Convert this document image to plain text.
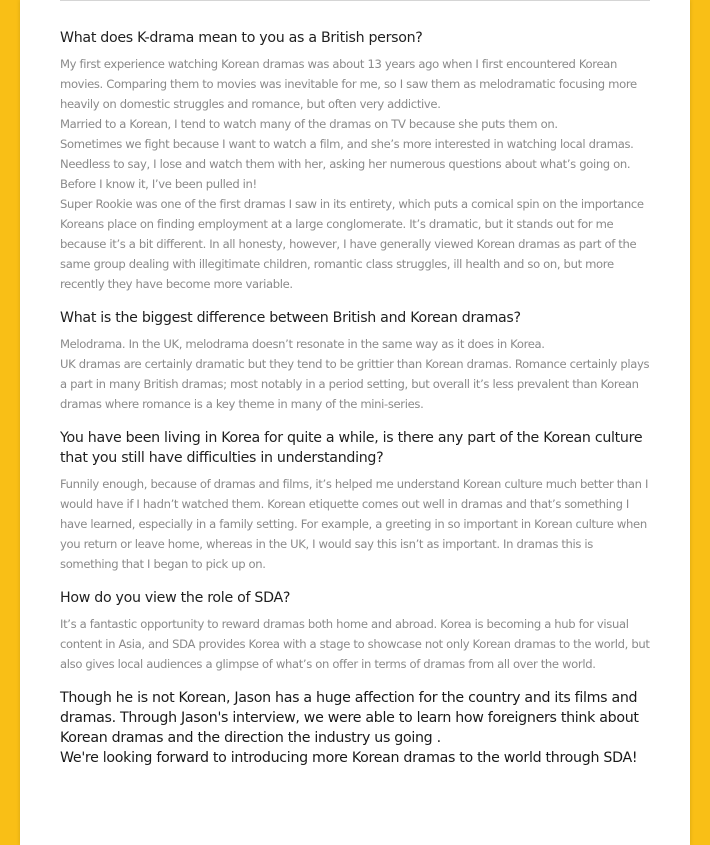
What does K-drama mean to you as a British person?

My first experience watching Korean dramas was about 13 years ago when I first encountered Korean movies. Comparing them to movies was inevitable for me, so I saw them as melodramatic focusing more heavily on domestic struggles and romance, but often very addictive.

Married to a Korean, I tend to watch many of the dramas on TV because she puts them on.

Sometimes we fight because I want to watch a film, and she’s more interested in watching local dramas. Needless to say, I lose and watch them with her, asking her numerous questions about what’s going on. Before I know it, I’ve been pulled in!

Super Rookie was one of the first dramas I saw in its entirety, which puts a comical spin on the importance Koreans place on finding employment at a large conglomerate. It’s dramatic, but it stands out for me because it’s a bit different. In all honesty, however, I have generally viewed Korean dramas as part of the same group dealing with illegitimate children, romantic class struggles, ill health and so on, but more recently they have become more variable.

What is the biggest difference between British and Korean dramas?

Melodrama. In the UK, melodrama doesn’t resonate in the same way as it does in Korea.

UK dramas are certainly dramatic but they tend to be grittier than Korean dramas. Romance certainly plays a part in many British dramas; most notably in a period setting, but overall it’s less prevalent than Korean dramas where romance is a key theme in many of the mini-series.

You have been living in Korea for quite a while, is there any part of the Korean culture that you still have difficulties in understanding?

Funnily enough, because of dramas and films, it’s helped me understand Korean culture much better than I would have if I hadn’t watched them. Korean etiquette comes out well in dramas and that’s something I have learned, especially in a family setting. For example, a greeting in so important in Korean culture when you return or leave home, whereas in the UK, I would say this isn’t as important. In dramas this is something that I began to pick up on.

How do you view the role of SDA?

It’s a fantastic opportunity to reward dramas both home and abroad. Korea is becoming a hub for visual content in Asia, and SDA provides Korea with a stage to showcase not only Korean dramas to the world, but also gives local audiences a glimpse of what’s on offer in terms of dramas from all over the world.

Though he is not Korean, Jason has a huge affection for the country and its films and dramas. Through Jason's interview, we were able to learn how foreigners think about Korean dramas and the direction the industry us going .

We're looking forward to introducing more Korean dramas to the world through SDA!
